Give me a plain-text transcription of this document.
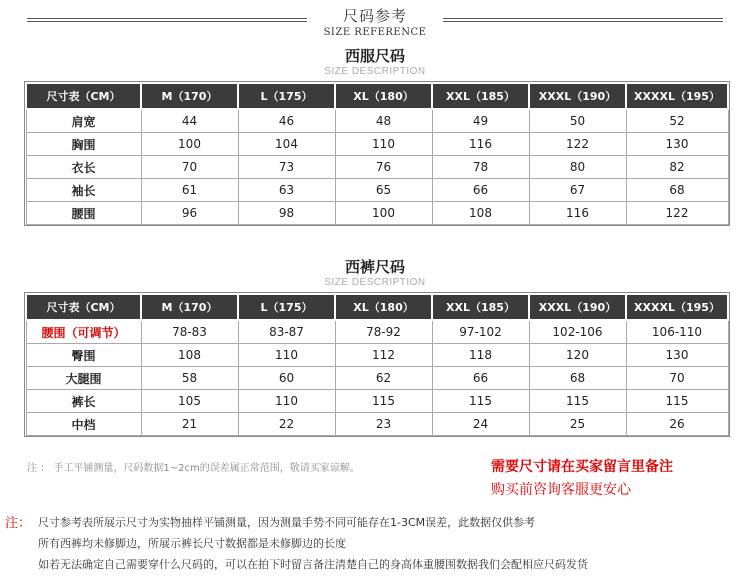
尺码参考
SIZE REFERENCE
西服尺码
SIZE DESCRIPTION
尺寸表（CM）	M（170）	L（175）	XL（180）	XXL（185）	XXXL（190）	XXXXL（195）
肩宽	44	46	48	49	50	52
胸围	100	104	110	116	122	130
衣长	70	73	76	78	80	82
袖长	61	63	65	66	67	68
腰围	96	98	100	108	116	122
西裤尺码
SIZE DESCRIPTION
尺寸表（CM）	M（170）	L（175）	XL（180）	XXL（185）	XXXL（190）	XXXXL（195）
腰围（可调节）	78-83	83-87	78-92	97-102	102-106	106-110
臀围	108	110	112	118	120	130
大腿围	58	60	62	66	68	70
裤长	105	110	115	115	115	115
中档	21	22	23	24	25	26
注 ： 手工平铺测量，尺码数据1~2cm的误差属正常范围，敬请买家谅解。	需要尺寸请在买家留言里备注
购买前咨询客服更安心
注： 尺寸参考表所展示尺寸为实物抽样平铺测量，因为测量手势不同可能存在1-3CM误差，此数据仅供参考
所有西裤均未修脚边，所展示裤长尺寸数据都是未修脚边的长度
如若无法确定自己需要穿什么尺码的，可以在拍下时留言备注清楚自己的身高体重腰围数据我们会配相应尺码发货
